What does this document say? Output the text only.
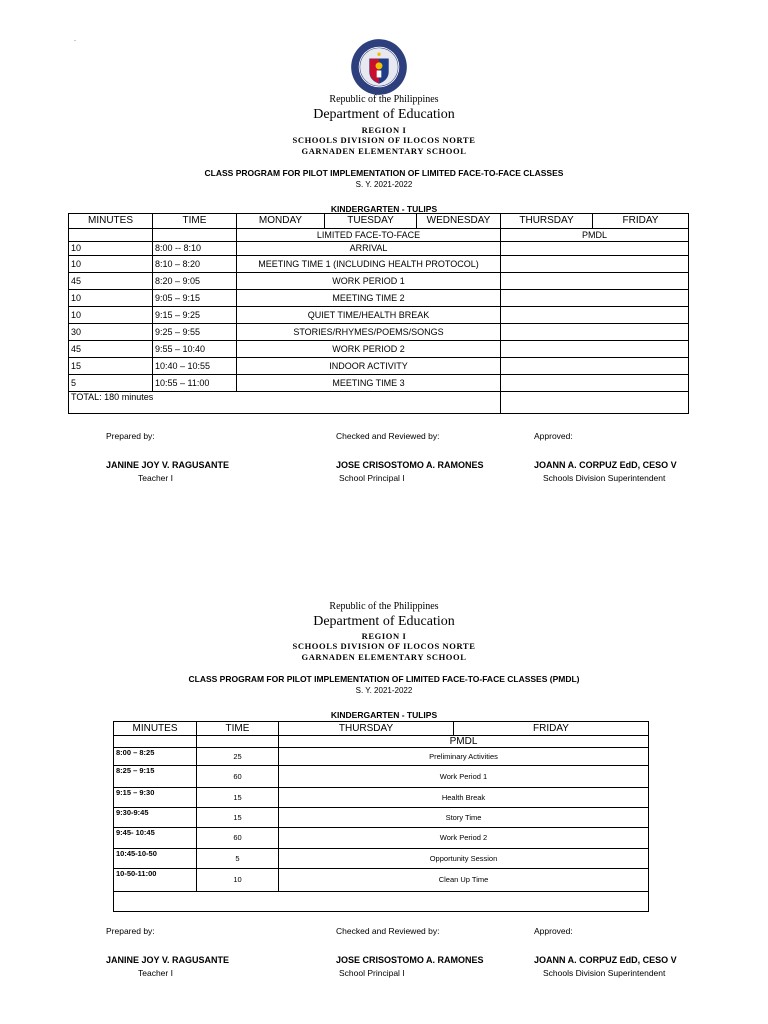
-
Republic of the Philippines
Department of Education
REGION I
SCHOOLS DIVISION OF ILOCOS NORTE
GARNADEN ELEMENTARY SCHOOL
CLASS PROGRAM FOR PILOT IMPLEMENTATION OF LIMITED FACE-TO-FACE CLASSES
S. Y. 2021-2022
KINDERGARTEN - TULIPS
MINUTES	TIME	MONDAY	TUESDAY	WEDNESDAY	THURSDAY	FRIDAY
		LIMITED FACE-TO-FACE			PMDL	
10	8:00 -- 8:10	ARRIVAL				
10	8:10 – 8:20	MEETING TIME 1 (INCLUDING HEALTH PROTOCOL)				
45	8:20 – 9:05	WORK PERIOD 1				
10	9:05 – 9:15	MEETING TIME 2				
10	9:15 – 9:25	QUIET TIME/HEALTH BREAK				
30	9:25 – 9:55	STORIES/RHYMES/POEMS/SONGS				
45	9:55 – 10:40	WORK PERIOD 2				
15	10:40 – 10:55	INDOOR ACTIVITY				
5	10:55 – 11:00	MEETING TIME 3				
TOTAL: 180 minutes						
Prepared by:	Checked and Reviewed by:	Approved:
JANINE JOY V. RAGUSANTE
Teacher I
JOSE CRISOSTOMO A. RAMONES
School Principal I
JOANN A. CORPUZ EdD, CESO V
Schools Division Superintendent
Republic of the Philippines
Department of Education
REGION I
SCHOOLS DIVISION OF ILOCOS NORTE
GARNADEN ELEMENTARY SCHOOL
CLASS PROGRAM FOR PILOT IMPLEMENTATION OF LIMITED FACE-TO-FACE CLASSES (PMDL)
S. Y. 2021-2022
KINDERGARTEN - TULIPS
MINUTES	TIME	THURSDAY	FRIDAY
		PMDL	
8:00 – 8:25	25	Preliminary Activities	
8:25 – 9:15	60	Work Period 1	
9:15 – 9:30	15	Health Break	
9:30-9:45	15	Story Time	
9:45- 10:45	60	Work Period 2	
10:45-10-50	5	Opportunity Session	
10-50-11:00	10	Clean Up Time	

Prepared by:	Checked and Reviewed by:	Approved:
JANINE JOY V. RAGUSANTE
Teacher I
JOSE CRISOSTOMO A. RAMONES
School Principal I
JOANN A. CORPUZ EdD, CESO V
Schools Division Superintendent
